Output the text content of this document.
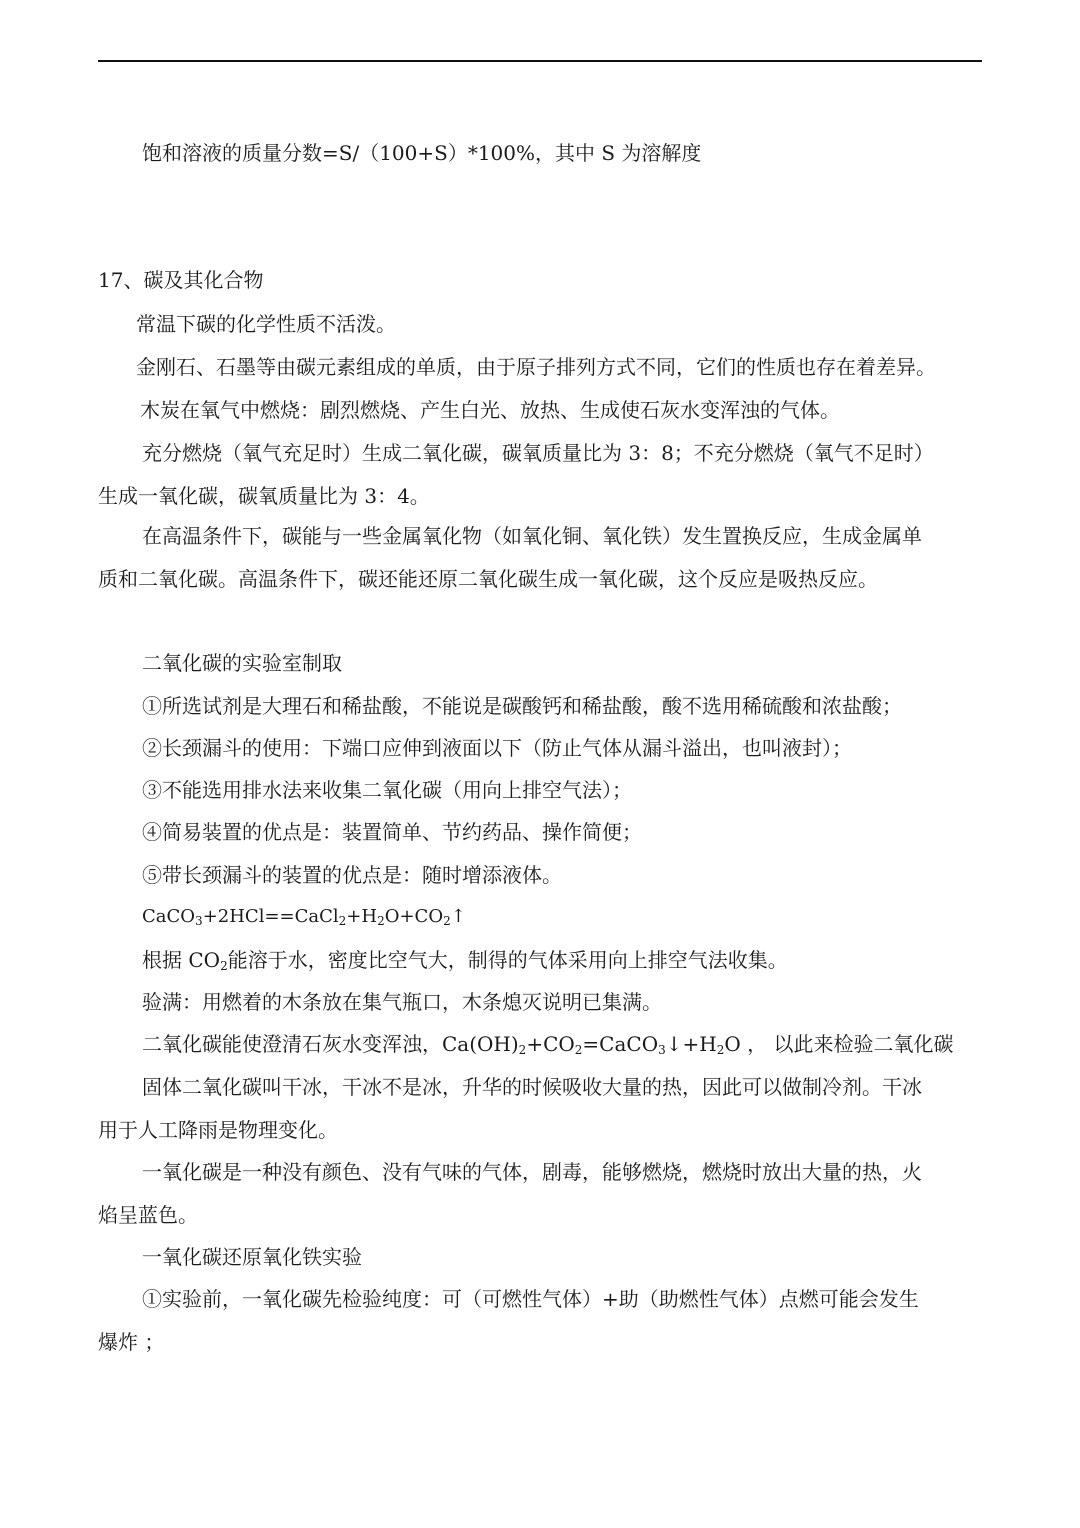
饱和溶液的质量分数=S/（100+S）*100%，其中 S 为溶解度
17、碳及其化合物
常温下碳的化学性质不活泼。
金刚石、石墨等由碳元素组成的单质，由于原子排列方式不同，它们的性质也存在着差异。
木炭在氧气中燃烧：剧烈燃烧、产生白光、放热、生成使石灰水变浑浊的气体。
充分燃烧（氧气充足时）生成二氧化碳，碳氧质量比为 3：8；不充分燃烧（氧气不足时）
生成一氧化碳，碳氧质量比为 3：4。
在高温条件下，碳能与一些金属氧化物（如氧化铜、氧化铁）发生置换反应，生成金属单
质和二氧化碳。高温条件下，碳还能还原二氧化碳生成一氧化碳，这个反应是吸热反应。
二氧化碳的实验室制取
①所选试剂是大理石和稀盐酸，不能说是碳酸钙和稀盐酸，酸不选用稀硫酸和浓盐酸；
②长颈漏斗的使用：下端口应伸到液面以下（防止气体从漏斗溢出，也叫液封）；
③不能选用排水法来收集二氧化碳（用向上排空气法）；
④简易装置的优点是：装置简单、节约药品、操作简便；
⑤带长颈漏斗的装置的优点是：随时增添液体。
$CaCO_3+2HCl==CaCl_2+H_2O+CO_2↑$
根据 $CO_2$能溶于水，密度比空气大，制得的气体采用向上排空气法收集。
验满：用燃着的木条放在集气瓶口，木条熄灭说明已集满。
二氧化碳能使澄清石灰水变浑浊，$Ca(OH)_2+CO_2=CaCO_3↓+H_2O$ ， 以此来检验二氧化碳
固体二氧化碳叫干冰，干冰不是冰，升华的时候吸收大量的热，因此可以做制冷剂。干冰
用于人工降雨是物理变化。
一氧化碳是一种没有颜色、没有气味的气体，剧毒，能够燃烧，燃烧时放出大量的热，火
焰呈蓝色。
一氧化碳还原氧化铁实验
①实验前，一氧化碳先检验纯度：可（可燃性气体）+助（助燃性气体）点燃可能会发生
爆炸 ；
